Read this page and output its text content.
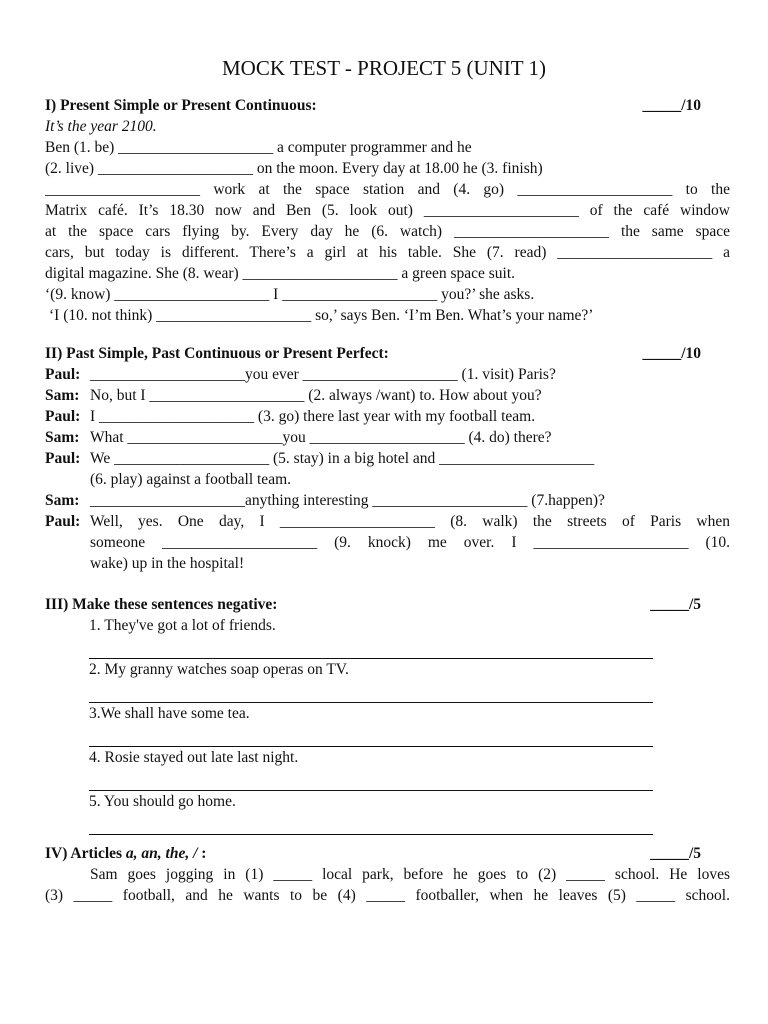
MOCK TEST - PROJECT 5 (UNIT 1)
I) Present Simple or Present Continuous:	_____/10
It’s the year 2100.
Ben (1. be) ____________________ a computer programmer and he
(2. live) ____________________ on the moon. Every day at 18.00 he (3. finish)
____________________ work at the space station and (4. go) ____________________ to the
Matrix café. It’s 18.30 now and Ben (5. look out) ____________________ of the café window
at the space cars flying by. Every day he (6. watch) ____________________ the same space
cars, but today is different. There’s a girl at his table. She (7. read) ____________________ a
digital magazine. She (8. wear) ____________________ a green space suit.
‘(9. know) ____________________ I ____________________ you?’ she asks.
‘I (10. not think) ____________________ so,’ says Ben. ‘I’m Ben. What’s your name?’
II) Past Simple, Past Continuous or Present Perfect:	_____/10
Paul: ____________________you ever ____________________ (1. visit) Paris?
Sam: No, but I ____________________ (2. always /want) to. How about you?
Paul: I ____________________ (3. go) there last year with my football team.
Sam: What ____________________you ____________________ (4. do) there?
Paul: We ____________________ (5. stay) in a big hotel and ____________________
(6. play) against a football team.
Sam: ____________________anything interesting ____________________ (7.happen)?
Paul: Well, yes. One day, I ____________________ (8. walk) the streets of Paris when
someone ____________________ (9. knock) me over. I ____________________ (10.
wake) up in the hospital!
III) Make these sentences negative:	_____/5
1. They've got a lot of friends.
2. My granny watches soap operas on TV.
3.We shall have some tea.
4. Rosie stayed out late last night.
5. You should go home.
IV) Articles a, an, the, / :	_____/5
Sam goes jogging in (1) _____ local park, before he goes to (2) _____ school. He loves
(3) _____ football, and he wants to be (4) _____ footballer, when he leaves (5) _____ school.
